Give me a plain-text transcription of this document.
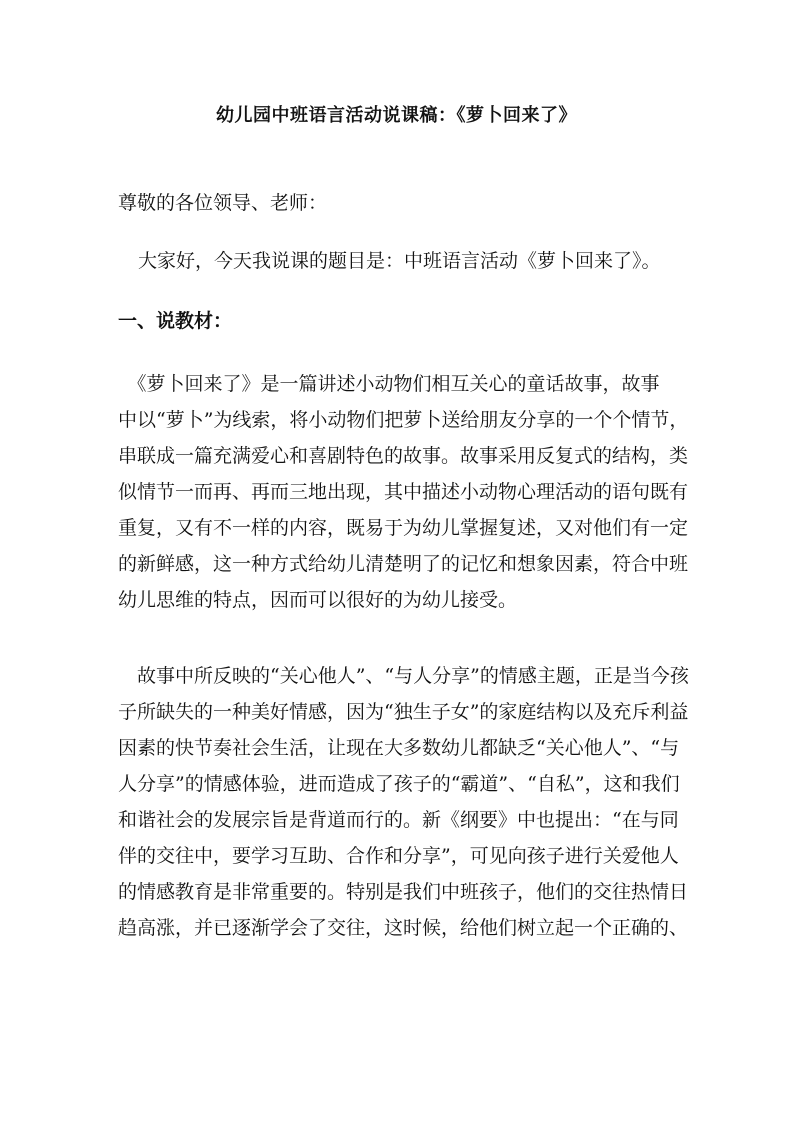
幼儿园中班语言活动说课稿：《萝卜回来了》
尊敬的各位领导、老师：
大家好，今天我说课的题目是：中班语言活动《萝卜回来了》。
一、说教材：
　《萝卜回来了》是一篇讲述小动物们相互关心的童话故事，故事
中以“萝卜”为线索，将小动物们把萝卜送给朋友分享的一个个情节，
串联成一篇充满爱心和喜剧特色的故事。故事采用反复式的结构，类
似情节一而再、再而三地出现，其中描述小动物心理活动的语句既有
重复，又有不一样的内容，既易于为幼儿掌握复述，又对他们有一定
的新鲜感，这一种方式给幼儿清楚明了的记忆和想象因素，符合中班
幼儿思维的特点，因而可以很好的为幼儿接受。
　故事中所反映的“关心他人”、“与人分享”的情感主题，正是当今孩
子所缺失的一种美好情感，因为“独生子女”的家庭结构以及充斥利益
因素的快节奏社会生活，让现在大多数幼儿都缺乏“关心他人”、“与
人分享”的情感体验，进而造成了孩子的“霸道”、“自私”，这和我们
和谐社会的发展宗旨是背道而行的。新《纲要》中也提出：“在与同
伴的交往中，要学习互助、合作和分享”，可见向孩子进行关爱他人
的情感教育是非常重要的。特别是我们中班孩子，他们的交往热情日
趋高涨，并已逐渐学会了交往，这时候，给他们树立起一个正确的、
